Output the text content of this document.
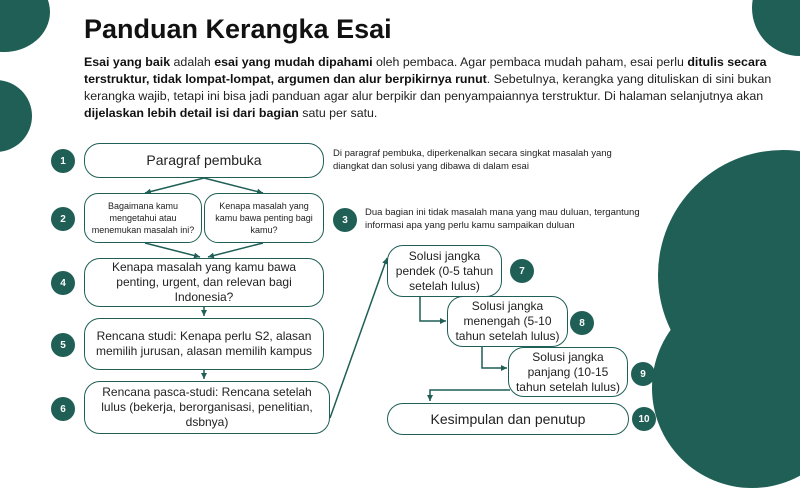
Panduan Kerangka Esai
Esai yang baik adalah esai yang mudah dipahami oleh pembaca. Agar pembaca mudah paham, esai perlu ditulis secara terstruktur, tidak lompat-lompat, argumen dan alur berpikirnya runut. Sebetulnya, kerangka yang dituliskan di sini bukan kerangka wajib, tetapi ini bisa jadi panduan agar alur berpikir dan penyampaiannya terstruktur. Di halaman selanjutnya akan dijelaskan lebih detail isi dari bagian satu per satu.
1	Paragraf pembuka	Di paragraf pembuka, diperkenalkan secara singkat masalah yang diangkat dan solusi yang dibawa di dalam esai
2
Bagaimana kamu mengetahui atau menemukan masalah ini?
Kenapa masalah yang kamu bawa penting bagi kamu?
3
Dua bagian ini tidak masalah mana yang mau duluan, tergantung informasi apa yang perlu kamu sampaikan duluan
4
Kenapa masalah yang kamu bawa penting, urgent, dan relevan bagi Indonesia?
5
Rencana studi: Kenapa perlu S2, alasan memilih jurusan, alasan memilih kampus
6
Rencana pasca-studi: Rencana setelah lulus (bekerja, berorganisasi, penelitian, dsbnya)
Solusi jangka pendek (0-5 tahun setelah lulus)
7
Solusi jangka menengah (5-10 tahun setelah lulus)
8
Solusi jangka panjang (10-15 tahun setelah lulus)
9
Kesimpulan dan penutup	10
